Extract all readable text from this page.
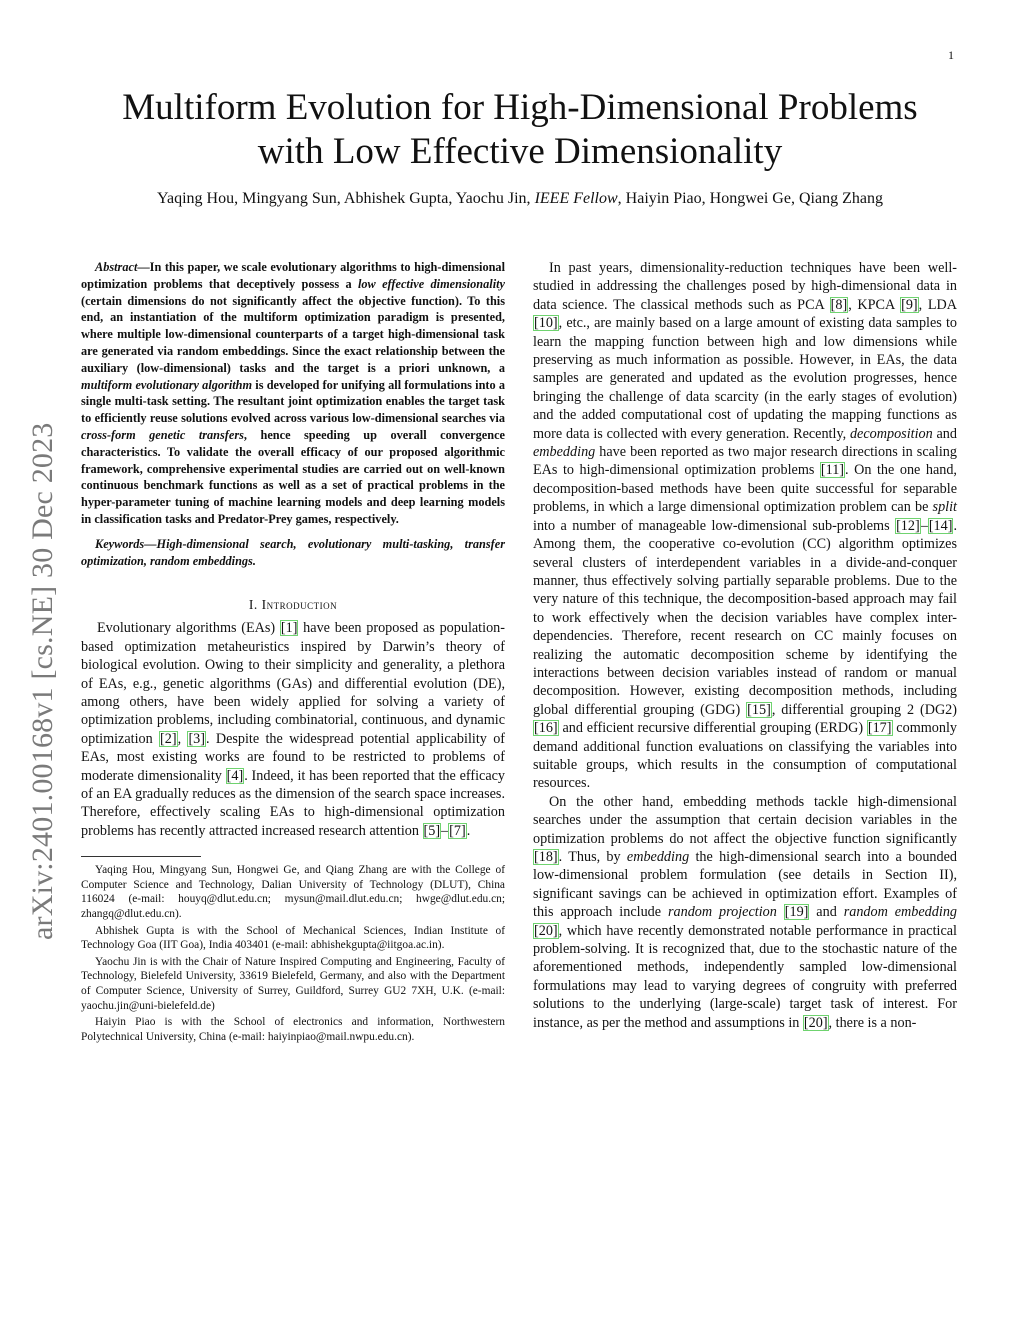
1
arXiv:2401.00168v1 [cs.NE] 30 Dec 2023
Multiform Evolution for High-Dimensional Problems
with Low Effective Dimensionality

Yaqing Hou, Mingyang Sun, Abhishek Gupta, Yaochu Jin, IEEE Fellow, Haiyin Piao, Hongwei Ge, Qiang Zhang

Abstract—In this paper, we scale evolutionary algorithms to high-dimensional optimization problems that deceptively possess a low effective dimensionality (certain dimensions do not significantly affect the objective function). To this end, an instantiation of the multiform optimization paradigm is presented, where multiple low-dimensional counterparts of a target high-dimensional task are generated via random embeddings. Since the exact relationship between the auxiliary (low-dimensional) tasks and the target is a priori unknown, a multiform evolutionary algorithm is developed for unifying all formulations into a single multi-task setting. The resultant joint optimization enables the target task to efficiently reuse solutions evolved across various low-dimensional searches via cross-form genetic transfers, hence speeding up overall convergence characteristics. To validate the overall efficacy of our proposed algorithmic framework, comprehensive experimental studies are carried out on well-known continuous benchmark functions as well as a set of practical problems in the hyper-parameter tuning of machine learning models and deep learning models in classification tasks and Predator-Prey games, respectively.

Keywords—High-dimensional search, evolutionary multi-tasking, transfer optimization, random embeddings.

I. Introduction

Evolutionary algorithms (EAs) [1] have been proposed as population-based optimization metaheuristics inspired by Darwin’s theory of biological evolution. Owing to their simplicity and generality, a plethora of EAs, e.g., genetic algorithms (GAs) and differential evolution (DE), among others, have been widely applied for solving a variety of optimization problems, including combinatorial, continuous, and dynamic optimization [2], [3]. Despite the widespread potential applicability of EAs, most existing works are found to be restricted to problems of moderate dimensionality [4]. Indeed, it has been reported that the efficacy of an EA gradually reduces as the dimension of the search space increases. Therefore, effectively scaling EAs to high-dimensional optimization problems has recently attracted increased research attention [5]–[7].

Yaqing Hou, Mingyang Sun, Hongwei Ge, and Qiang Zhang are with the College of Computer Science and Technology, Dalian University of Technology (DLUT), China 116024 (e-mail: houyq@dlut.edu.cn; mysun@mail.dlut.edu.cn; hwge@dlut.edu.cn; zhangq@dlut.edu.cn).

Abhishek Gupta is with the School of Mechanical Sciences, Indian Institute of Technology Goa (IIT Goa), India 403401 (e-mail: abhishekgupta@iitgoa.ac.in).

Yaochu Jin is with the Chair of Nature Inspired Computing and Engineering, Faculty of Technology, Bielefeld University, 33619 Bielefeld, Germany, and also with the Department of Computer Science, University of Surrey, Guildford, Surrey GU2 7XH, U.K. (e-mail: yaochu.jin@uni-bielefeld.de)

Haiyin Piao is with the School of electronics and information, Northwestern Polytechnical University, China (e-mail: haiyinpiao@mail.nwpu.edu.cn).

In past years, dimensionality-reduction techniques have been well-studied in addressing the challenges posed by high-dimensional data in data science. The classical methods such as PCA [8], KPCA [9], LDA [10], etc., are mainly based on a large amount of existing data samples to learn the mapping function between high and low dimensions while preserving as much information as possible. However, in EAs, the data samples are generated and updated as the evolution progresses, hence bringing the challenge of data scarcity (in the early stages of evolution) and the added computational cost of updating the mapping functions as more data is collected with every generation. Recently, decomposition and embedding have been reported as two major research directions in scaling EAs to high-dimensional optimization problems [11]. On the one hand, decomposition-based methods have been quite successful for separable problems, in which a large dimensional optimization problem can be split into a number of manageable low-dimensional sub-problems [12]–[14]. Among them, the cooperative co-evolution (CC) algorithm optimizes several clusters of interdependent variables in a divide-and-conquer manner, thus effectively solving partially separable problems. Due to the very nature of this technique, the decomposition-based approach may fail to work effectively when the decision variables have complex inter-dependencies. Therefore, recent research on CC mainly focuses on realizing the automatic decomposition scheme by identifying the interactions between decision variables instead of random or manual decomposition. However, existing decomposition methods, including global differential grouping (GDG) [15], differential grouping 2 (DG2) [16] and efficient recursive differential grouping (ERDG) [17] commonly demand additional function evaluations on classifying the variables into suitable groups, which results in the consumption of computational resources.

On the other hand, embedding methods tackle high-dimensional searches under the assumption that certain decision variables in the optimization problems do not affect the objective function significantly [18]. Thus, by embedding the high-dimensional search into a bounded low-dimensional problem formulation (see details in Section II), significant savings can be achieved in optimization effort. Examples of this approach include random projection [19] and random embedding [20], which have recently demonstrated notable performance in practical problem-solving. It is recognized that, due to the stochastic nature of the aforementioned methods, independently sampled low-dimensional formulations may lead to varying degrees of congruity with preferred solutions to the underlying (large-scale) target task of interest. For instance, as per the method and assumptions in [20], there is a non-
